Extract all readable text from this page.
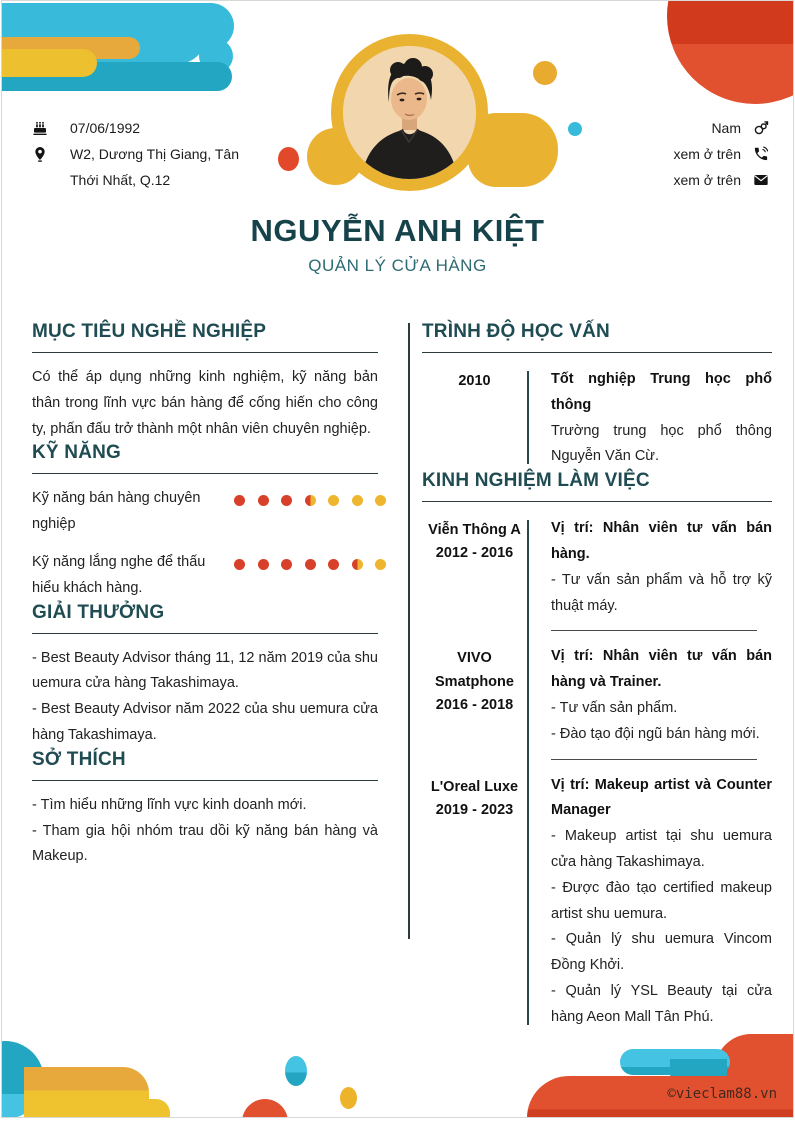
©vieclam88.vn
07/06/1992
W2, Dương Thị Giang, Tân Thới Nhất, Q.12
Nam
xem ở trên
xem ở trên
NGUYỄN ANH KIỆT
QUẢN LÝ CỬA HÀNG
MỤC TIÊU NGHỀ NGHIỆP

Có thể áp dụng những kinh nghiệm, kỹ năng bản thân trong lĩnh vực bán hàng để cống hiến cho công ty, phấn đấu trở thành một nhân viên chuyên nghiệp.

KỸ NĂNG
Kỹ năng bán hàng chuyên nghiệp
Kỹ năng lắng nghe để thấu hiểu khách hàng.
GIẢI THƯỞNG

- Best Beauty Advisor tháng 11, 12 năm 2019 của shu uemura cửa hàng Takashimaya.

- Best Beauty Advisor năm 2022 của shu uemura cửa hàng Takashimaya.

SỞ THÍCH

- Tìm hiểu những lĩnh vực kinh doanh mới.

- Tham gia hội nhóm trau dồi kỹ năng bán hàng và Makeup.

TRÌNH ĐỘ HỌC VẤN
2010	Tốt nghiệp Trung học phổ thông
Trường trung học phổ thông Nguyễn Văn Cừ.
KINH NGHIỆM LÀM VIỆC
Viễn Thông A
2012 - 2016
Vị trí: Nhân viên tư vấn bán hàng.
- Tư vấn sản phẩm và hỗ trợ kỹ thuật máy.
VIVO Smatphone
2016 - 2018
Vị trí: Nhân viên tư vấn bán hàng và Trainer.
- Tư vấn sản phẩm.
- Đào tạo đội ngũ bán hàng mới.
L'Oreal Luxe
2019 - 2023
Vị trí: Makeup artist và Counter Manager
- Makeup artist tại shu uemura cửa hàng Takashimaya.
- Được đào tạo certified makeup artist shu uemura.
- Quản lý shu uemura Vincom Đồng Khởi.
- Quản lý YSL Beauty tại cửa hàng Aeon Mall Tân Phú.
